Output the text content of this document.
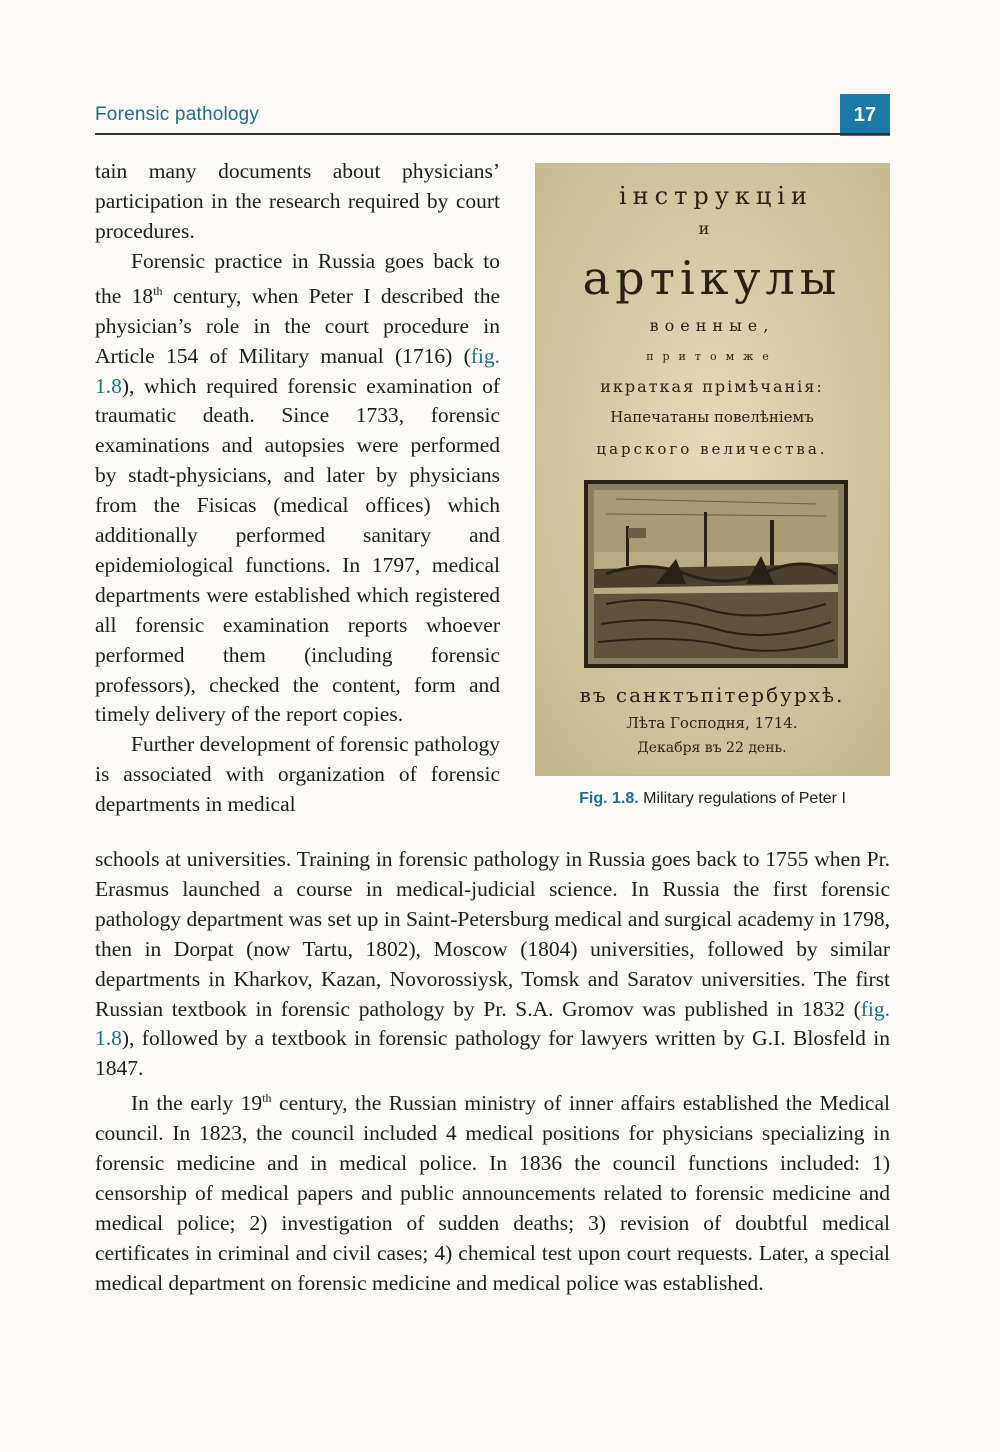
Forensic pathology	17

tain many documents about physicians’ participation in the research required by court procedures.

Forensic practice in Russia goes back to the 18th century, when Peter I described the physician’s role in the court procedure in Article 154 of Military manual (1716) (fig. 1.8), which required forensic examination of traumatic death. Since 1733, forensic examinations and autopsies were performed by stadt-physicians, and later by physicians from the Fisicas (medical offices) which additionally performed sanitary and epidemiological functions. In 1797, medical departments were established which registered all forensic examination reports whoever performed them (including forensic professors), checked the content, form and timely delivery of the report copies.

Further development of forensic pathology is associated with organization of forensic departments in medical

schools at universities. Training in forensic pathology in Russia goes back to 1755 when Pr. Erasmus launched a course in medical-judicial science. In Russia the first forensic pathology department was set up in Saint-Petersburg medical and surgical academy in 1798, then in Dorpat (now Tartu, 1802), Moscow (1804) universities, followed by similar departments in Kharkov, Kazan, Novorossiysk, Tomsk and Saratov universities. The first Russian textbook in forensic pathology by Pr. S.A. Gromov was published in 1832 (fig. 1.8), followed by a textbook in forensic pathology for lawyers written by G.I. Blosfeld in 1847.

In the early 19th century, the Russian ministry of inner affairs established the Medical council. In 1823, the council included 4 medical positions for physicians specializing in forensic medicine and in medical police. In 1836 the council functions included: 1) censorship of medical papers and public announcements related to forensic medicine and medical police; 2) investigation of sudden deaths; 3) revision of doubtful medical certificates in criminal and civil cases; 4) chemical test upon court requests. Later, a special medical department on forensic medicine and medical police was established.

інструкціи
и
артікулы
военные,
притомже
икраткая прімѣчанія:
Напечатаны повелѣніемъ
царского величества.
въ санктъпітербурхѣ.
Лѣта Господня, 1714.
Декабря въ 22 день.
Fig. 1.8. Military regulations of Peter I
